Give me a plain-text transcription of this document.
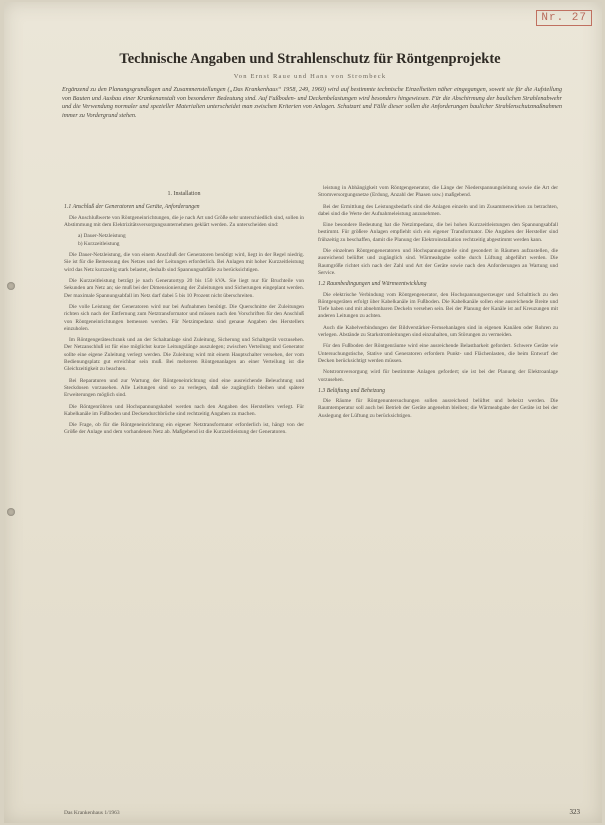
Nr. 27
Technische Angaben und Strahlenschutz für Röntgenprojekte
Von Ernst Raue und Hans von Strombeck
Ergänzend zu den Planungsgrundlagen und Zusammenstellungen („Das Krankenhaus“ 1958, 249, 1960) wird auf bestimmte technische Einzelheiten näher eingegangen, soweit sie für die Aufstellung von Bauten und Ausbau einer Krankenanstalt von besonderer Bedeutung sind. Auf Fußboden- und Deckenbelastungen wird besonders hingewiesen. Für die Abschirmung der baulichen Strahlenabwehr und die Verwendung normaler und spezieller Materialien unterscheidet man zwischen Kriterien von Anlagen. Schutzart und Fälle dieser sollen die Anforderungen baulicher Strahlenschutzmaßnahmen immer zu Vordergrund stehen.
1. Installation
1.1 Anschluß der Generatoren und Geräte, Anforderungen

Die Anschlußwerte von Röntgeneinrichtungen, die je nach Art und Größe sehr unterschiedlich sind, sollen in Abstimmung mit dem Elektrizitätsversorgungsunternehmen geklärt werden. Zu unterscheiden sind:

a) Dauer-Netzleistung
b) Kurzzeitleistung

Die Dauer-Netzleistung, die von einem Anschluß der Generatoren benötigt wird, liegt in der Regel niedrig. Sie ist für die Bemessung des Netzes und der Leitungen erforderlich. Bei Anlagen mit hoher Kurzzeitleistung wird das Netz kurzzeitig stark belastet, deshalb sind Spannungsabfälle zu berücksichtigen.

Die Kurzzeitleistung beträgt je nach Generatortyp 20 bis 150 kVA. Sie liegt nur für Bruchteile von Sekunden am Netz an; sie muß bei der Dimensionierung der Zuleitungen und Sicherungen eingeplant werden. Der maximale Spannungsabfall im Netz darf dabei 5 bis 10 Prozent nicht überschreiten.

Die volle Leistung der Generatoren wird nur bei Aufnahmen benötigt. Die Querschnitte der Zuleitungen richten sich nach der Entfernung zum Netztransformator und müssen nach den Vorschriften für den Anschluß von Röntgeneinrichtungen bemessen werden. Für Netzimpedanz sind genaue Angaben des Herstellers einzuholen.

Im Röntgengeräteschrank und an der Schaltanlage sind Zuleitung, Sicherung und Schaltgerät vorzusehen. Der Netzanschluß ist für eine möglichst kurze Leitungslänge auszulegen; zwischen Verteilung und Generator sollte eine eigene Zuleitung verlegt werden. Die Zuleitung wird mit einem Hauptschalter versehen, der vom Bedienungsplatz gut erreichbar sein muß. Bei mehreren Röntgenanlagen an einer Verteilung ist die Gleichzeitigkeit zu beachten.

Bei Reparaturen und zur Wartung der Röntgeneinrichtung sind eine ausreichende Beleuchtung und Steckdosen vorzusehen. Alle Leitungen sind so zu verlegen, daß sie zugänglich bleiben und spätere Erweiterungen möglich sind.

Die Röntgenröhren und Hochspannungskabel werden nach den Angaben des Herstellers verlegt. Für Kabelkanäle im Fußboden und Deckendurchbrüche sind rechtzeitig Angaben zu machen.

Die Frage, ob für die Röntgeneinrichtung ein eigener Netztransformator erforderlich ist, hängt von der Größe der Anlage und dem vorhandenen Netz ab. Maßgebend ist die Kurzzeitleistung der Generatoren.

leistung in Abhängigkeit vom Röntgengenerator, die Länge der Niederspannungsleitung sowie die Art der Stromversorgungsnetze (Erdung, Anzahl der Phasen usw.) maßgebend.

Bei der Ermittlung des Leistungsbedarfs sind die Anlagen einzeln und im Zusammenwirken zu betrachten, dabei sind die Werte der Aufnahmeleistung anzunehmen.

Eine besondere Bedeutung hat die Netzimpedanz, die bei hohen Kurzzeitleistungen den Spannungsabfall bestimmt. Für größere Anlagen empfiehlt sich ein eigener Transformator. Die Angaben der Hersteller sind frühzeitig zu beschaffen, damit die Planung der Elektroinstallation rechtzeitig abgestimmt werden kann.

Die einzelnen Röntgengeneratoren und Hochspannungsteile sind gesondert in Räumen aufzustellen, die ausreichend belüftet und zugänglich sind. Wärmeabgabe sollte durch Lüftung abgeführt werden. Die Raumgröße richtet sich nach der Zahl und Art der Geräte sowie nach den Anforderungen an Wartung und Service.

1.2 Raumbedingungen und Wärmeentwicklung

Die elektrische Verbindung vom Röntgengenerator, den Hochspannungserzeuger und Schalttisch zu den Röntgengeräten erfolgt über Kabelkanäle im Fußboden. Die Kabelkanäle sollen eine ausreichende Breite und Tiefe haben und mit abnehmbaren Deckeln versehen sein. Bei der Planung der Kanäle ist auf Kreuzungen mit anderen Leitungen zu achten.

Auch die Kabelverbindungen der Bildverstärker-Fernsehanlagen sind in eigenen Kanälen oder Rohren zu verlegen. Abstände zu Starkstromleitungen sind einzuhalten, um Störungen zu vermeiden.

Für den Fußboden der Röntgenräume wird eine ausreichende Belastbarkeit gefordert. Schwere Geräte wie Untersuchungstische, Stative und Generatoren erfordern Punkt- und Flächenlasten, die beim Entwurf der Decken berücksichtigt werden müssen.

Notstromversorgung wird für bestimmte Anlagen gefordert; sie ist bei der Planung der Elektroanlage vorzusehen.

1.3 Belüftung und Beheizung

Die Räume für Röntgenuntersuchungen sollen ausreichend belüftet und beheizt werden. Die Raumtemperatur soll auch bei Betrieb der Geräte angenehm bleiben; die Wärmeabgabe der Geräte ist bei der Auslegung der Lüftung zu berücksichtigen.

Das Krankenhaus 1/1963	323
